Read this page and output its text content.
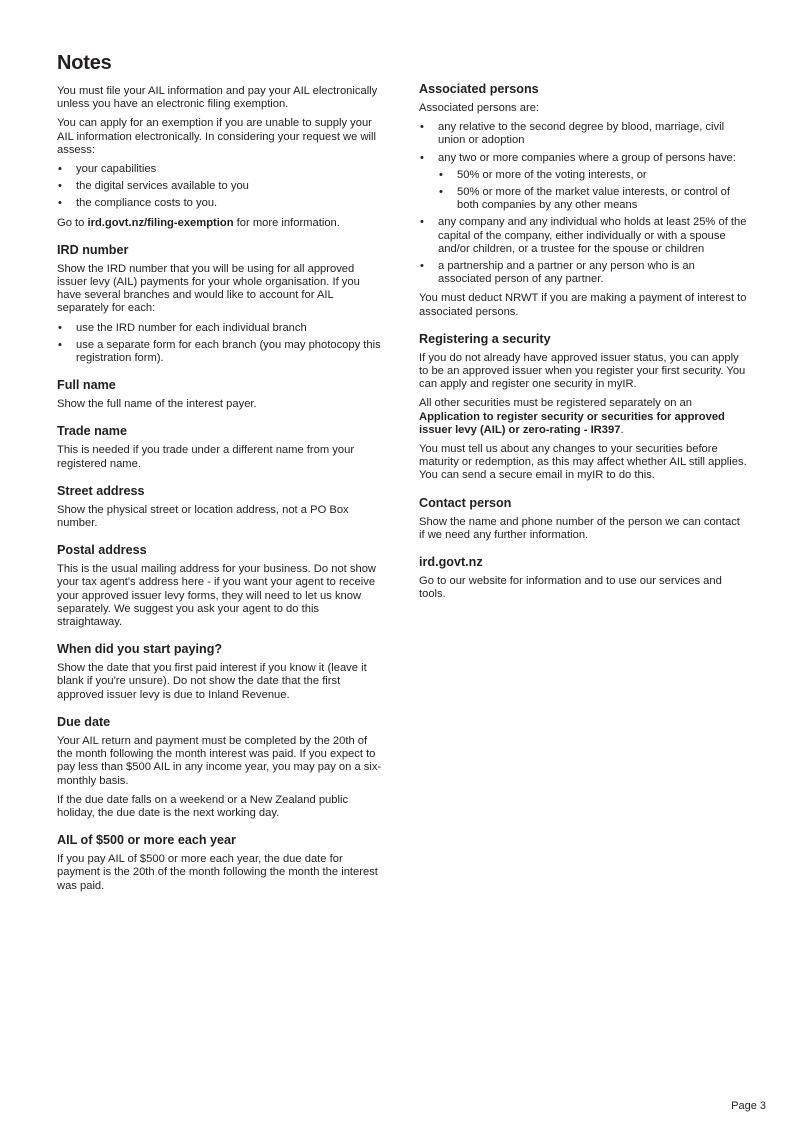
Notes

You must file your AIL information and pay your AIL electronically unless you have an electronic filing exemption.

You can apply for an exemption if you are unable to supply your AIL information electronically. In considering your request we will assess:

• your capabilities
• the digital services available to you
• the compliance costs to you.

Go to ird.govt.nz/filing-exemption for more information.

IRD number

Show the IRD number that you will be using for all approved issuer levy (AIL) payments for your whole organisation. If you have several branches and would like to account for AIL separately for each:

• use the IRD number for each individual branch
• use a separate form for each branch (you may photocopy this registration form).
Full name

Show the full name of the interest payer.

Trade name

This is needed if you trade under a different name from your registered name.

Street address

Show the physical street or location address, not a PO Box number.

Postal address

This is the usual mailing address for your business. Do not show your tax agent's address here - if you want your agent to receive your approved issuer levy forms, they will need to let us know separately. We suggest you ask your agent to do this straightaway.

When did you start paying?

Show the date that you first paid interest if you know it (leave it blank if you're unsure). Do not show the date that the first approved issuer levy is due to Inland Revenue.

Due date

Your AIL return and payment must be completed by the 20th of the month following the month interest was paid. If you expect to pay less than $500 AIL in any income year, you may pay on a six-monthly basis.

If the due date falls on a weekend or a New Zealand public holiday, the due date is the next working day.

AIL of $500 or more each year

If you pay AIL of $500 or more each year, the due date for payment is the 20th of the month following the month the interest was paid.

Associated persons

Associated persons are:

• any relative to the second degree by blood, marriage, civil union or adoption
• any two or more companies where a group of persons have:
• 50% or more of the voting interests, or
• 50% or more of the market value interests, or control of both companies by any other means
• any company and any individual who holds at least 25% of the capital of the company, either individually or with a spouse and/or children, or a trustee for the spouse or children
• a partnership and a partner or any person who is an associated person of any partner.

You must deduct NRWT if you are making a payment of interest to associated persons.

Registering a security

If you do not already have approved issuer status, you can apply to be an approved issuer when you register your first security. You can apply and register one security in myIR.

All other securities must be registered separately on an Application to register security or securities for approved issuer levy (AIL) or zero-rating - IR397.

You must tell us about any changes to your securities before maturity or redemption, as this may affect whether AIL still applies. You can send a secure email in myIR to do this.

Contact person

Show the name and phone number of the person we can contact if we need any further information.

ird.govt.nz

Go to our website for information and to use our services and tools.

Page 3
